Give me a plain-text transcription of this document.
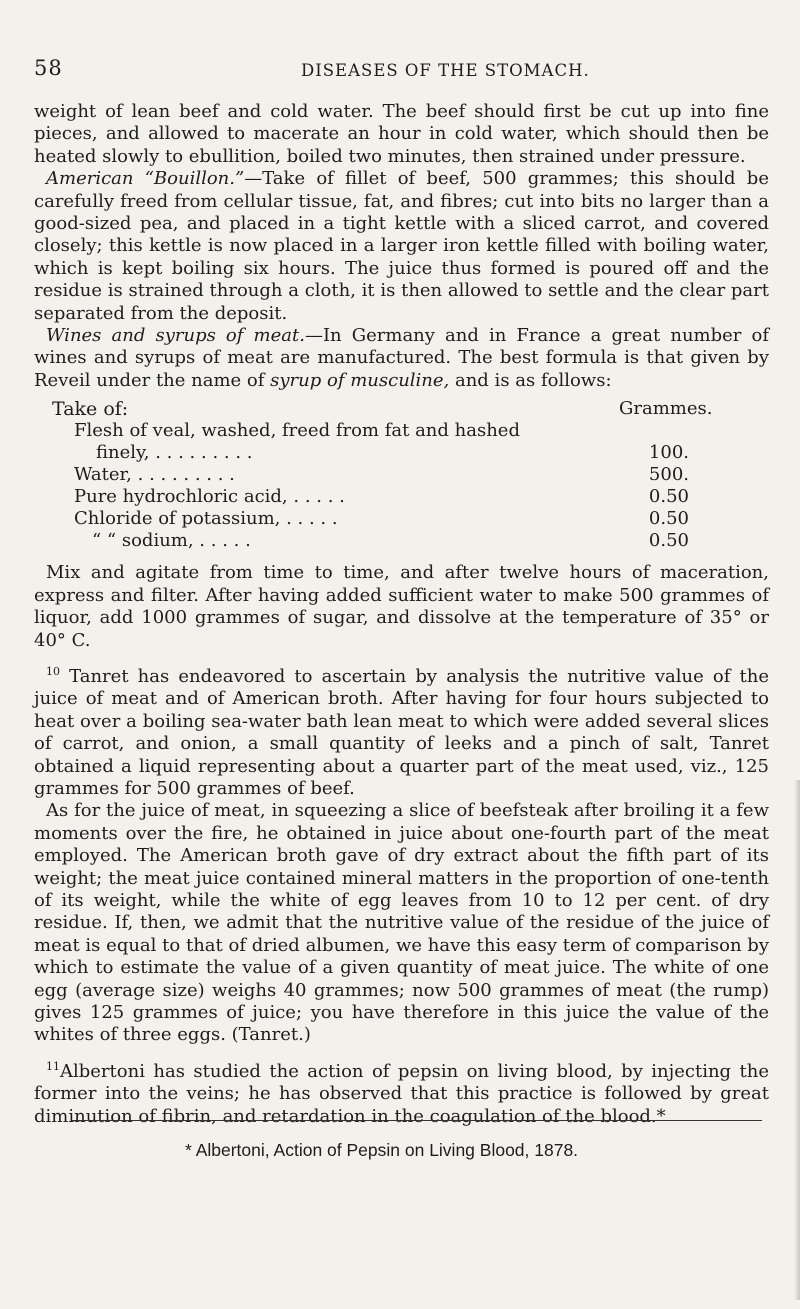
58	DISEASES OF THE STOMACH.

weight of lean beef and cold water. The beef should first be cut up into fine pieces, and allowed to macerate an hour in cold water, which should then be heated slowly to ebullition, boiled two minutes, then strained under pressure.

American “Bouillon.”—Take of fillet of beef, 500 grammes; this should be carefully freed from cellular tissue, fat, and fibres; cut into bits no larger than a good-sized pea, and placed in a tight kettle with a sliced carrot, and covered closely; this kettle is now placed in a larger iron kettle filled with boiling water, which is kept boiling six hours. The juice thus formed is poured off and the residue is strained through a cloth, it is then allowed to settle and the clear part separated from the deposit.

Wines and syrups of meat.—In Germany and in France a great number of wines and syrups of meat are manufactured. The best formula is that given by Reveil under the name of syrup of musculine, and is as follows:

Take of:	Grammes.
Flesh of veal, washed, freed from fat and hashed
finely, . . . . . . . . .	100.
Water, . . . . . . . . .	500.
Pure hydrochloric acid, . . . . .	0.50
Chloride of potassium, . . . . .	0.50
“ “ sodium, . . . . .	0.50

Mix and agitate from time to time, and after twelve hours of maceration, express and filter. After having added sufficient water to make 500 grammes of liquor, add 1000 grammes of sugar, and dissolve at the temperature of 35° or 40° C.

$^{10}$ Tanret has endeavored to ascertain by analysis the nutritive value of the juice of meat and of American broth. After having for four hours subjected to heat over a boiling sea-water bath lean meat to which were added several slices of carrot, and onion, a small quantity of leeks and a pinch of salt, Tanret obtained a liquid representing about a quarter part of the meat used, viz., 125 grammes for 500 grammes of beef.

As for the juice of meat, in squeezing a slice of beefsteak after broiling it a few moments over the fire, he obtained in juice about one-fourth part of the meat employed. The American broth gave of dry extract about the fifth part of its weight; the meat juice contained mineral matters in the proportion of one-tenth of its weight, while the white of egg leaves from 10 to 12 per cent. of dry residue. If, then, we admit that the nutritive value of the residue of the juice of meat is equal to that of dried albumen, we have this easy term of comparison by which to estimate the value of a given quantity of meat juice. The white of one egg (average size) weighs 40 grammes; now 500 grammes of meat (the rump) gives 125 grammes of juice; you have therefore in this juice the value of the whites of three eggs. (Tanret.)

$^{11}$Albertoni has studied the action of pepsin on living blood, by injecting the former into the veins; he has observed that this practice is followed by great diminution of fibrin, and retardation in the coagulation of the blood.*

* Albertoni, Action of Pepsin on Living Blood, 1878.
